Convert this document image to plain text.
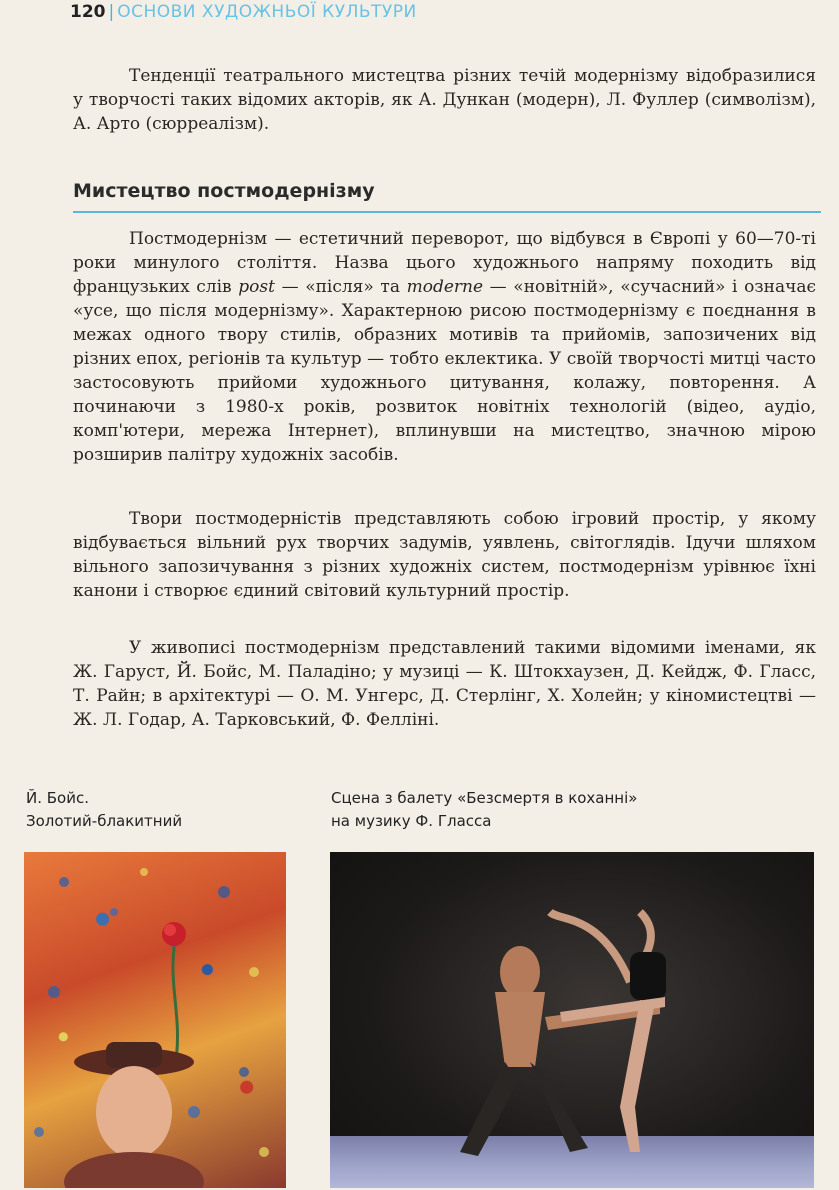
120 | ОСНОВИ ХУДОЖНЬОЇ КУЛЬТУРИ

Тенденції театрального мистецтва різних течій модернізму відобразилися у творчості таких відомих акторів, як А. Дункан (модерн), Л. Фуллер (символізм), А. Арто (сюрреалізм).

Мистецтво постмодернізму

Постмодернізм — естетичний переворот, що відбувся в Європі у 60—70-ті роки минулого століття. Назва цього художнього напряму походить від французьких слів post — «після» та moderne — «новітній», «сучасний» і означає «усе, що після модернізму». Характерною рисою постмодернізму є поєднання в межах одного твору стилів, образних мотивів та прийомів, запозичених від різних епох, регіонів та культур — тобто еклектика. У своїй творчості митці часто застосовують прийоми художнього цитування, колажу, повторення. А починаючи з 1980-х років, розвиток новітніх технологій (відео, аудіо, комп'ютери, мережа Інтернет), вплинувши на мистецтво, значною мірою розширив палітру художніх засобів.

Твори постмодерністів представляють собою ігровий простір, у якому відбувається вільний рух творчих задумів, уявлень, світоглядів. Ідучи шляхом вільного запозичування з різних художніх систем, постмодернізм урівнює їхні канони і створює єдиний світовий культурний простір.

У живописі постмодернізм представлений такими відомими іменами, як Ж. Гаруст, Й. Бойс, М. Паладіно; у музиці — К. Штокхаузен, Д. Кейдж, Ф. Гласс, Т. Райн; в архітектурі — О. М. Унгерс, Д. Стерлінг, Х. Холейн; у кіномистецтві — Ж. Л. Годар, А. Тарковський, Ф. Фелліні.

Й. Бойс.
Золотий-блакитний
Сцена з балету «Безсмертя в коханні»
на музику Ф. Гласса
